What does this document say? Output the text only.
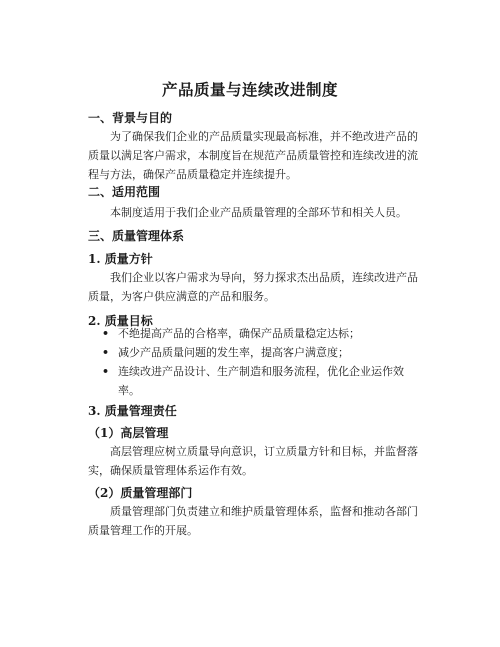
产品质量与连续改进制度
一、背景与目的
为了确保我们企业的产品质量实现最高标准，并不绝改进产品的质量以满足客户需求，本制度旨在规范产品质量管控和连续改进的流程与方法，确保产品质量稳定并连续提升。
二、适用范围
本制度适用于我们企业产品质量管理的全部环节和相关人员。
三、质量管理体系
1. 质量方针
我们企业以客户需求为导向，努力探求杰出品质，连续改进产品质量，为客户供应满意的产品和服务。
2. 质量目标
• 不绝提高产品的合格率，确保产品质量稳定达标；
• 减少产品质量问题的发生率，提高客户满意度；
• 连续改进产品设计、生产制造和服务流程，优化企业运作效率。
3. 质量管理责任
（1）高层管理
高层管理应树立质量导向意识，订立质量方针和目标，并监督落实，确保质量管理体系运作有效。
（2）质量管理部门
质量管理部门负责建立和维护质量管理体系，监督和推动各部门质量管理工作的开展。
